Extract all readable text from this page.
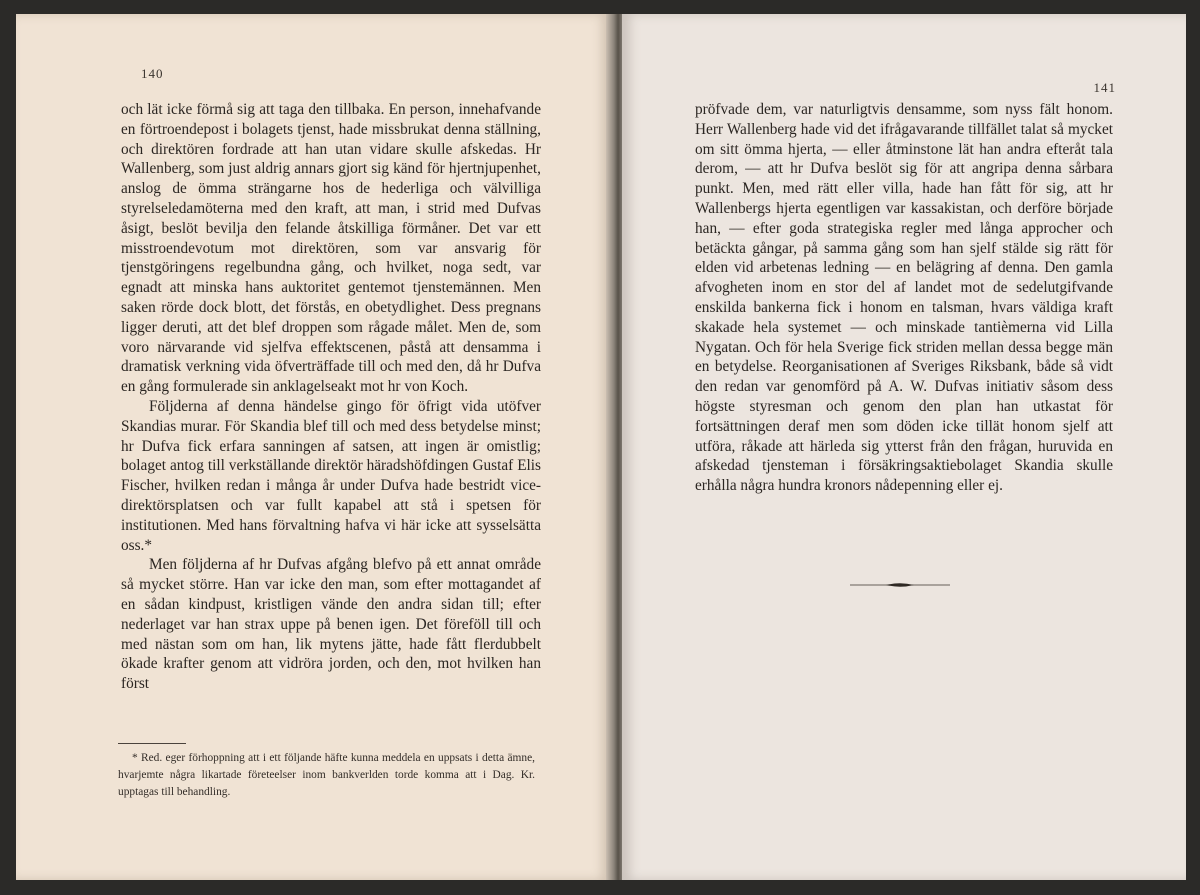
140

och lät icke förmå sig att taga den tillbaka. En person, innehafvande en förtroendepost i bolagets tjenst, hade missbrukat denna ställning, och direktören fordrade att han utan vidare skulle afskedas. Hr Wallenberg, som just aldrig annars gjort sig känd för hjertnjupenhet, anslog de ömma strängarne hos de hederliga och välvilliga styrelseledamöterna med den kraft, att man, i strid med Dufvas åsigt, beslöt bevilja den felande åtskilliga förmåner. Det var ett misstroendevotum mot direktören, som var ansvarig för tjenstgöringens regelbundna gång, och hvilket, noga sedt, var egnadt att minska hans auktoritet gentemot tjenstemännen. Men saken rörde dock blott, det förstås, en obetydlighet. Dess pregnans ligger deruti, att det blef droppen som rågade målet. Men de, som voro närvarande vid sjelfva effektscenen, påstå att densamma i dramatisk verkning vida öfverträffade till och med den, då hr Dufva en gång formulerade sin anklagelseakt mot hr von Koch.

Följderna af denna händelse gingo för öfrigt vida utöfver Skandias murar. För Skandia blef till och med dess betydelse minst; hr Dufva fick erfara sanningen af satsen, att ingen är omistlig; bolaget antog till verkställande direktör häradshöfdingen Gustaf Elis Fischer, hvilken redan i många år under Dufva hade bestridt vice-direktörsplatsen och var fullt kapabel att stå i spetsen för institutionen. Med hans förvaltning hafva vi här icke att sysselsätta oss.*

Men följderna af hr Dufvas afgång blefvo på ett annat område så mycket större. Han var icke den man, som efter mottagandet af en sådan kindpust, kristligen vände den andra sidan till; efter nederlaget var han strax uppe på benen igen. Det föreföll till och med nästan som om han, lik mytens jätte, hade fått flerdubbelt ökade krafter genom att vidröra jorden, och den, mot hvilken han först

* Red. eger förhoppning att i ett följande häfte kunna meddela en uppsats i detta ämne, hvarjemte några likartade företeelser inom bankverlden torde komma att i Dag. Kr. upptagas till behandling.

141

pröfvade dem, var naturligtvis densamme, som nyss fält honom. Herr Wallenberg hade vid det ifrågavarande tillfället talat så mycket om sitt ömma hjerta, — eller åtminstone lät han andra efteråt tala derom, — att hr Dufva beslöt sig för att angripa denna sårbara punkt. Men, med rätt eller villa, hade han fått för sig, att hr Wallenbergs hjerta egentligen var kassakistan, och derföre började han, — efter goda strategiska regler med långa approcher och betäckta gångar, på samma gång som han sjelf stälde sig rätt för elden vid arbetenas ledning — en belägring af denna. Den gamla afvogheten inom en stor del af landet mot de sedelutgifvande enskilda bankerna fick i honom en talsman, hvars väldiga kraft skakade hela systemet — och minskade tantièmerna vid Lilla Nygatan. Och för hela Sverige fick striden mellan dessa begge män en betydelse. Reorganisationen af Sveriges Riksbank, både så vidt den redan var genomförd på A. W. Dufvas initiativ såsom dess högste styresman och genom den plan han utkastat för fortsättningen deraf men som döden icke tillät honom sjelf att utföra, råkade att härleda sig ytterst från den frågan, huruvida en afskedad tjensteman i försäkringsaktiebolaget Skandia skulle erhålla några hundra kronors nådepenning eller ej.
